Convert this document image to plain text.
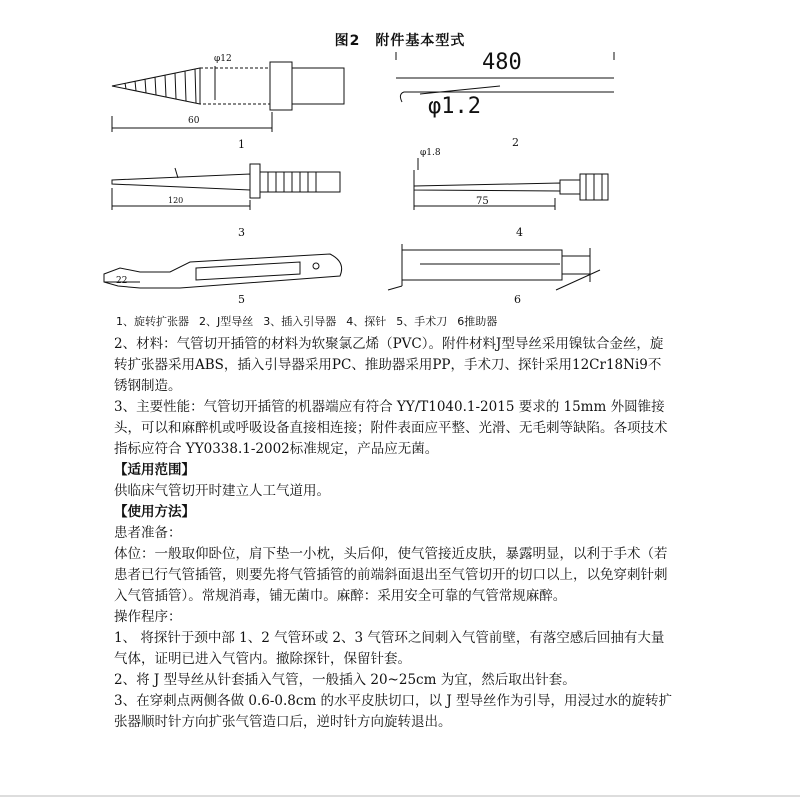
图2　附件基本型式
φ12
60
480
φ1.2
φ1.8
75
120
22
1	2
3	4
5	6
1、旋转扩张器 2、J型导丝 3、插入引导器 4、探针 5、手术刀 6推助器

2、材料：气管切开插管的材料为软聚氯乙烯（PVC）。附件材料J型导丝采用镍钛合金丝，旋转扩张器采用ABS，插入引导器采用PC、推助器采用PP，手术刀、探针采用12Cr18Ni9不锈钢制造。

3、主要性能：气管切开插管的机器端应有符合 YY/T1040.1-2015 要求的 15mm 外圆锥接头，可以和麻醉机或呼吸设备直接相连接；附件表面应平整、光滑、无毛刺等缺陷。各项技术指标应符合 YY0338.1-2002标准规定，产品应无菌。

【适用范围】

供临床气管切开时建立人工气道用。

【使用方法】

患者准备：

体位：一般取仰卧位，肩下垫一小枕，头后仰，使气管接近皮肤，暴露明显，以利于手术（若患者已行气管插管，则要先将气管插管的前端斜面退出至气管切开的切口以上，以免穿刺针刺入气管插管）。常规消毒，铺无菌巾。麻醉：采用安全可靠的气管常规麻醉。

操作程序：

1、 将探针于颈中部 1、2 气管环或 2、3 气管环之间刺入气管前壁，有落空感后回抽有大量气体，证明已进入气管内。撤除探针，保留针套。

2、将 J 型导丝从针套插入气管，一般插入 20~25cm 为宜，然后取出针套。

3、在穿刺点两侧各做 0.6-0.8cm 的水平皮肤切口，以 J 型导丝作为引导，用浸过水的旋转扩张器顺时针方向扩张气管造口后，逆时针方向旋转退出。
